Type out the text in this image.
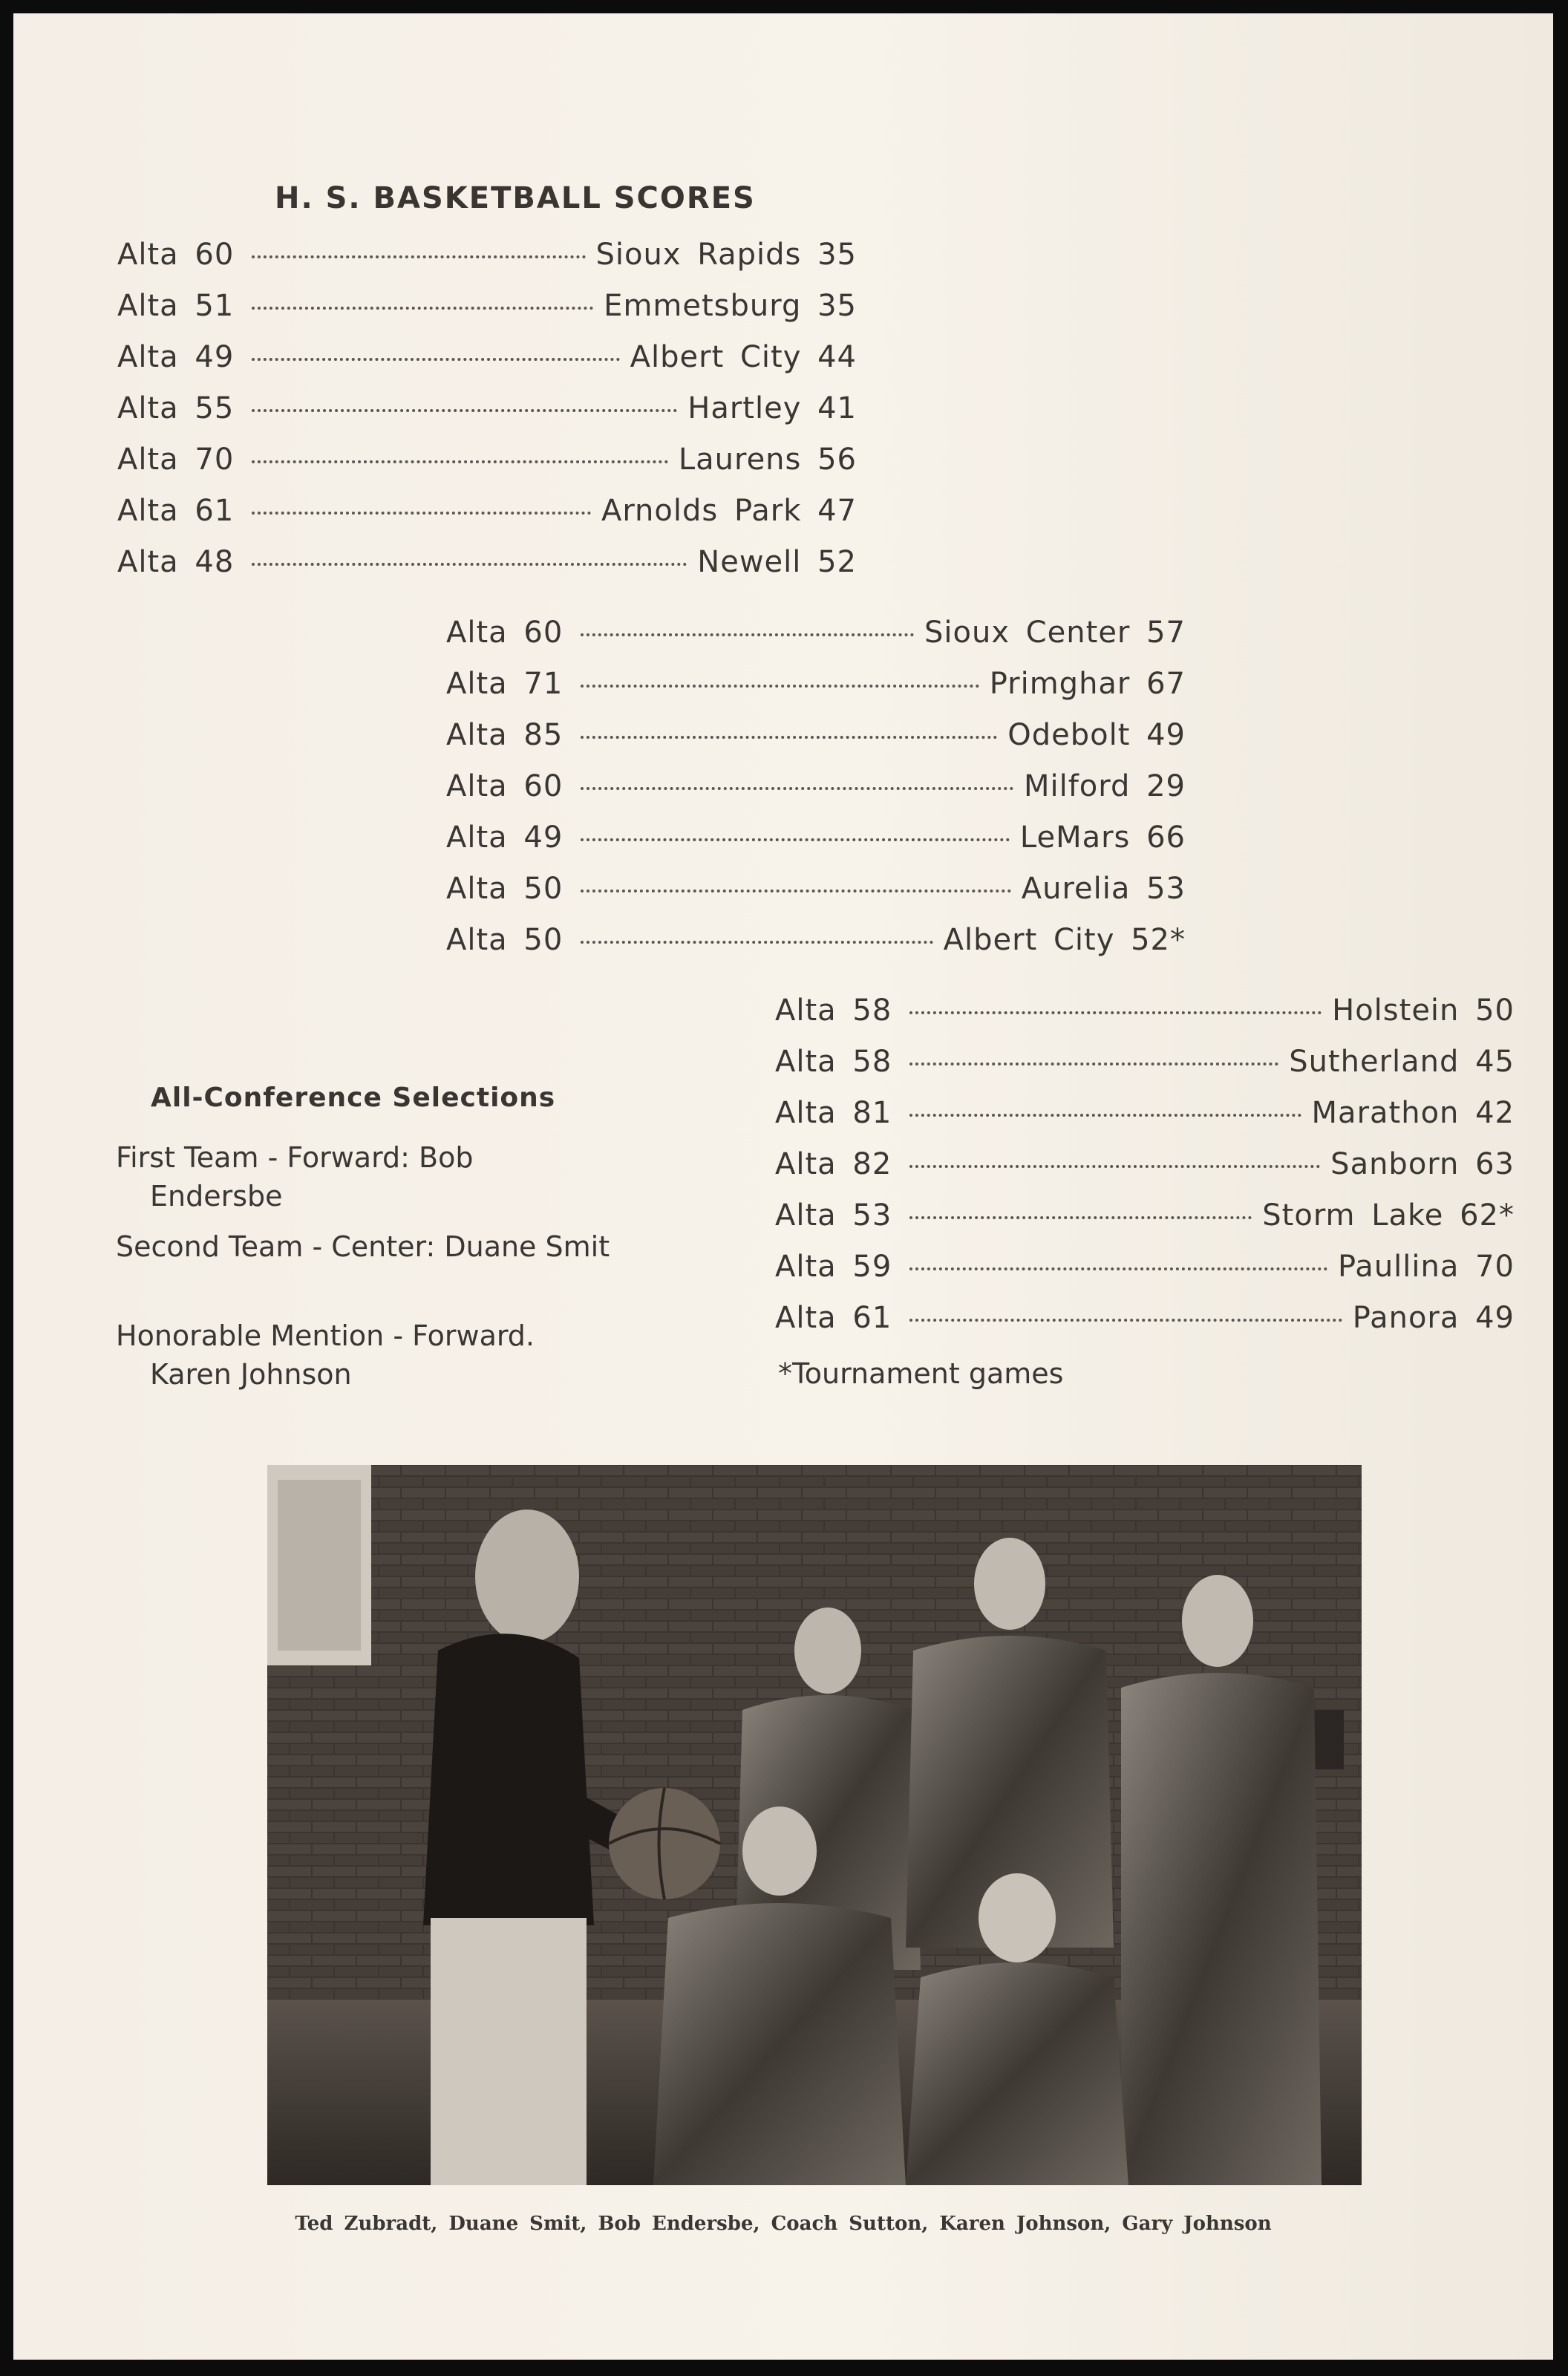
H. S. BASKETBALL SCORES
Alta 60	Sioux Rapids 35
Alta 51	Emmetsburg 35
Alta 49	Albert City 44
Alta 55	Hartley 41
Alta 70	Laurens 56
Alta 61	Arnolds Park 47
Alta 48	Newell 52
Alta 60	Sioux Center 57
Alta 71	Primghar 67
Alta 85	Odebolt 49
Alta 60	Milford 29
Alta 49	LeMars 66
Alta 50	Aurelia 53
Alta 50	Albert City 52*
Alta 58	Holstein 50
Alta 58	Sutherland 45
Alta 81	Marathon 42
Alta 82	Sanborn 63
Alta 53	Storm Lake 62*
Alta 59	Paullina 70
Alta 61	Panora 49
*Tournament games
All-Conference Selections
First Team - Forward: Bob Endersbe
Second Team - Center: Duane Smit
Honorable Mention - Forward. Karen Johnson
Ted Zubradt, Duane Smit, Bob Endersbe, Coach Sutton, Karen Johnson, Gary Johnson
